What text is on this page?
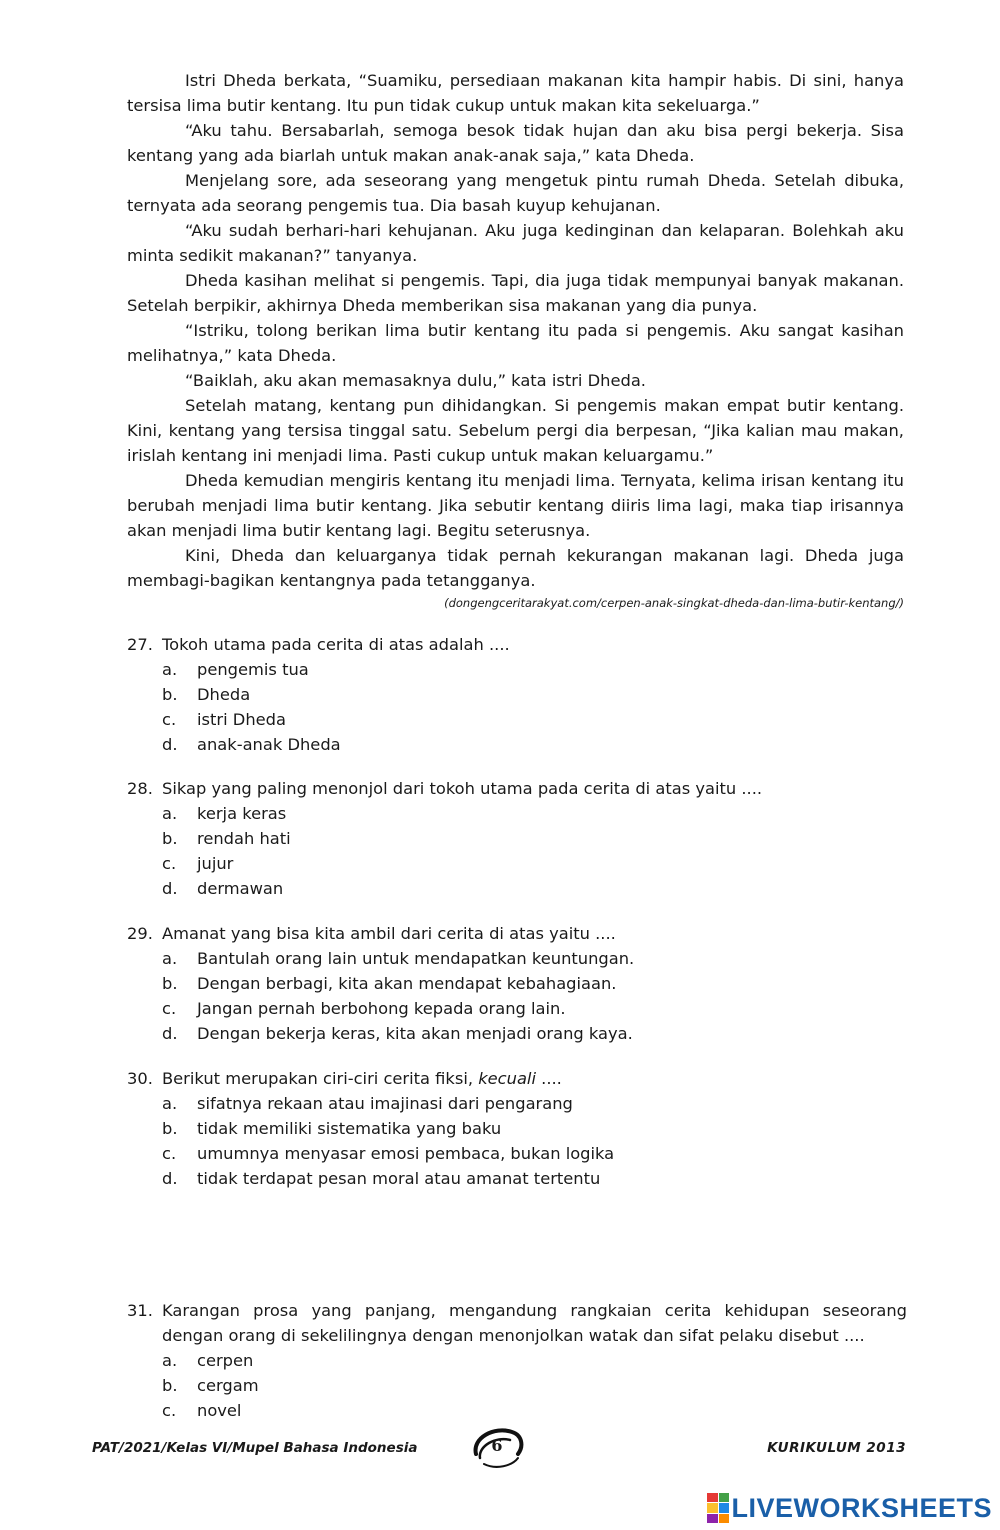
Istri Dheda berkata, “Suamiku, persediaan makanan kita hampir habis. Di sini, hanya tersisa lima butir kentang. Itu pun tidak cukup untuk makan kita sekeluarga.”

“Aku tahu. Bersabarlah, semoga besok tidak hujan dan aku bisa pergi bekerja. Sisa kentang yang ada biarlah untuk makan anak-anak saja,” kata Dheda.

Menjelang sore, ada seseorang yang mengetuk pintu rumah Dheda. Setelah dibuka, ternyata ada seorang pengemis tua. Dia basah kuyup kehujanan.

“Aku sudah berhari-hari kehujanan. Aku juga kedinginan dan kelaparan. Bolehkah aku minta sedikit makanan?” tanyanya.

Dheda kasihan melihat si pengemis. Tapi, dia juga tidak mempunyai banyak makanan. Setelah berpikir, akhirnya Dheda memberikan sisa makanan yang dia punya.

“Istriku, tolong berikan lima butir kentang itu pada si pengemis. Aku sangat kasihan melihatnya,” kata Dheda.

“Baiklah, aku akan memasaknya dulu,” kata istri Dheda.

Setelah matang, kentang pun dihidangkan. Si pengemis makan empat butir kentang. Kini, kentang yang tersisa tinggal satu. Sebelum pergi dia berpesan, “Jika kalian mau makan, irislah kentang ini menjadi lima. Pasti cukup untuk makan keluargamu.”

Dheda kemudian mengiris kentang itu menjadi lima. Ternyata, kelima irisan kentang itu berubah menjadi lima butir kentang. Jika sebutir kentang diiris lima lagi, maka tiap irisannya akan menjadi lima butir kentang lagi. Begitu seterusnya.

Kini, Dheda dan keluarganya tidak pernah kekurangan makanan lagi. Dheda juga membagi-bagikan kentangnya pada tetangganya.

(dongengceritarakyat.com/cerpen-anak-singkat-dheda-dan-lima-butir-kentang/)
27. Tokoh utama pada cerita di atas adalah ....
a.	pengemis tua
b.	Dheda
c.	istri Dheda
d.	anak-anak Dheda
28. Sikap yang paling menonjol dari tokoh utama pada cerita di atas yaitu ....
a.	kerja keras
b.	rendah hati
c.	jujur
d.	dermawan
29. Amanat yang bisa kita ambil dari cerita di atas yaitu ....
a.	Bantulah orang lain untuk mendapatkan keuntungan.
b.	Dengan berbagi, kita akan mendapat kebahagiaan.
c.	Jangan pernah berbohong kepada orang lain.
d.	Dengan bekerja keras, kita akan menjadi orang kaya.
30. Berikut merupakan ciri-ciri cerita fiksi, kecuali ....
a.	sifatnya rekaan atau imajinasi dari pengarang
b.	tidak memiliki sistematika yang baku
c.	umumnya menyasar emosi pembaca, bukan logika
d.	tidak terdapat pesan moral atau amanat tertentu
31. Karangan prosa yang panjang, mengandung rangkaian cerita kehidupan seseorang dengan orang di sekelilingnya dengan menonjolkan watak dan sifat pelaku disebut ....
a.	cerpen
b.	cergam
c.	novel
PAT/2021/Kelas VI/Mupel Bahasa Indonesia	6	KURIKULUM 2013
LIVEWORKSHEETS
